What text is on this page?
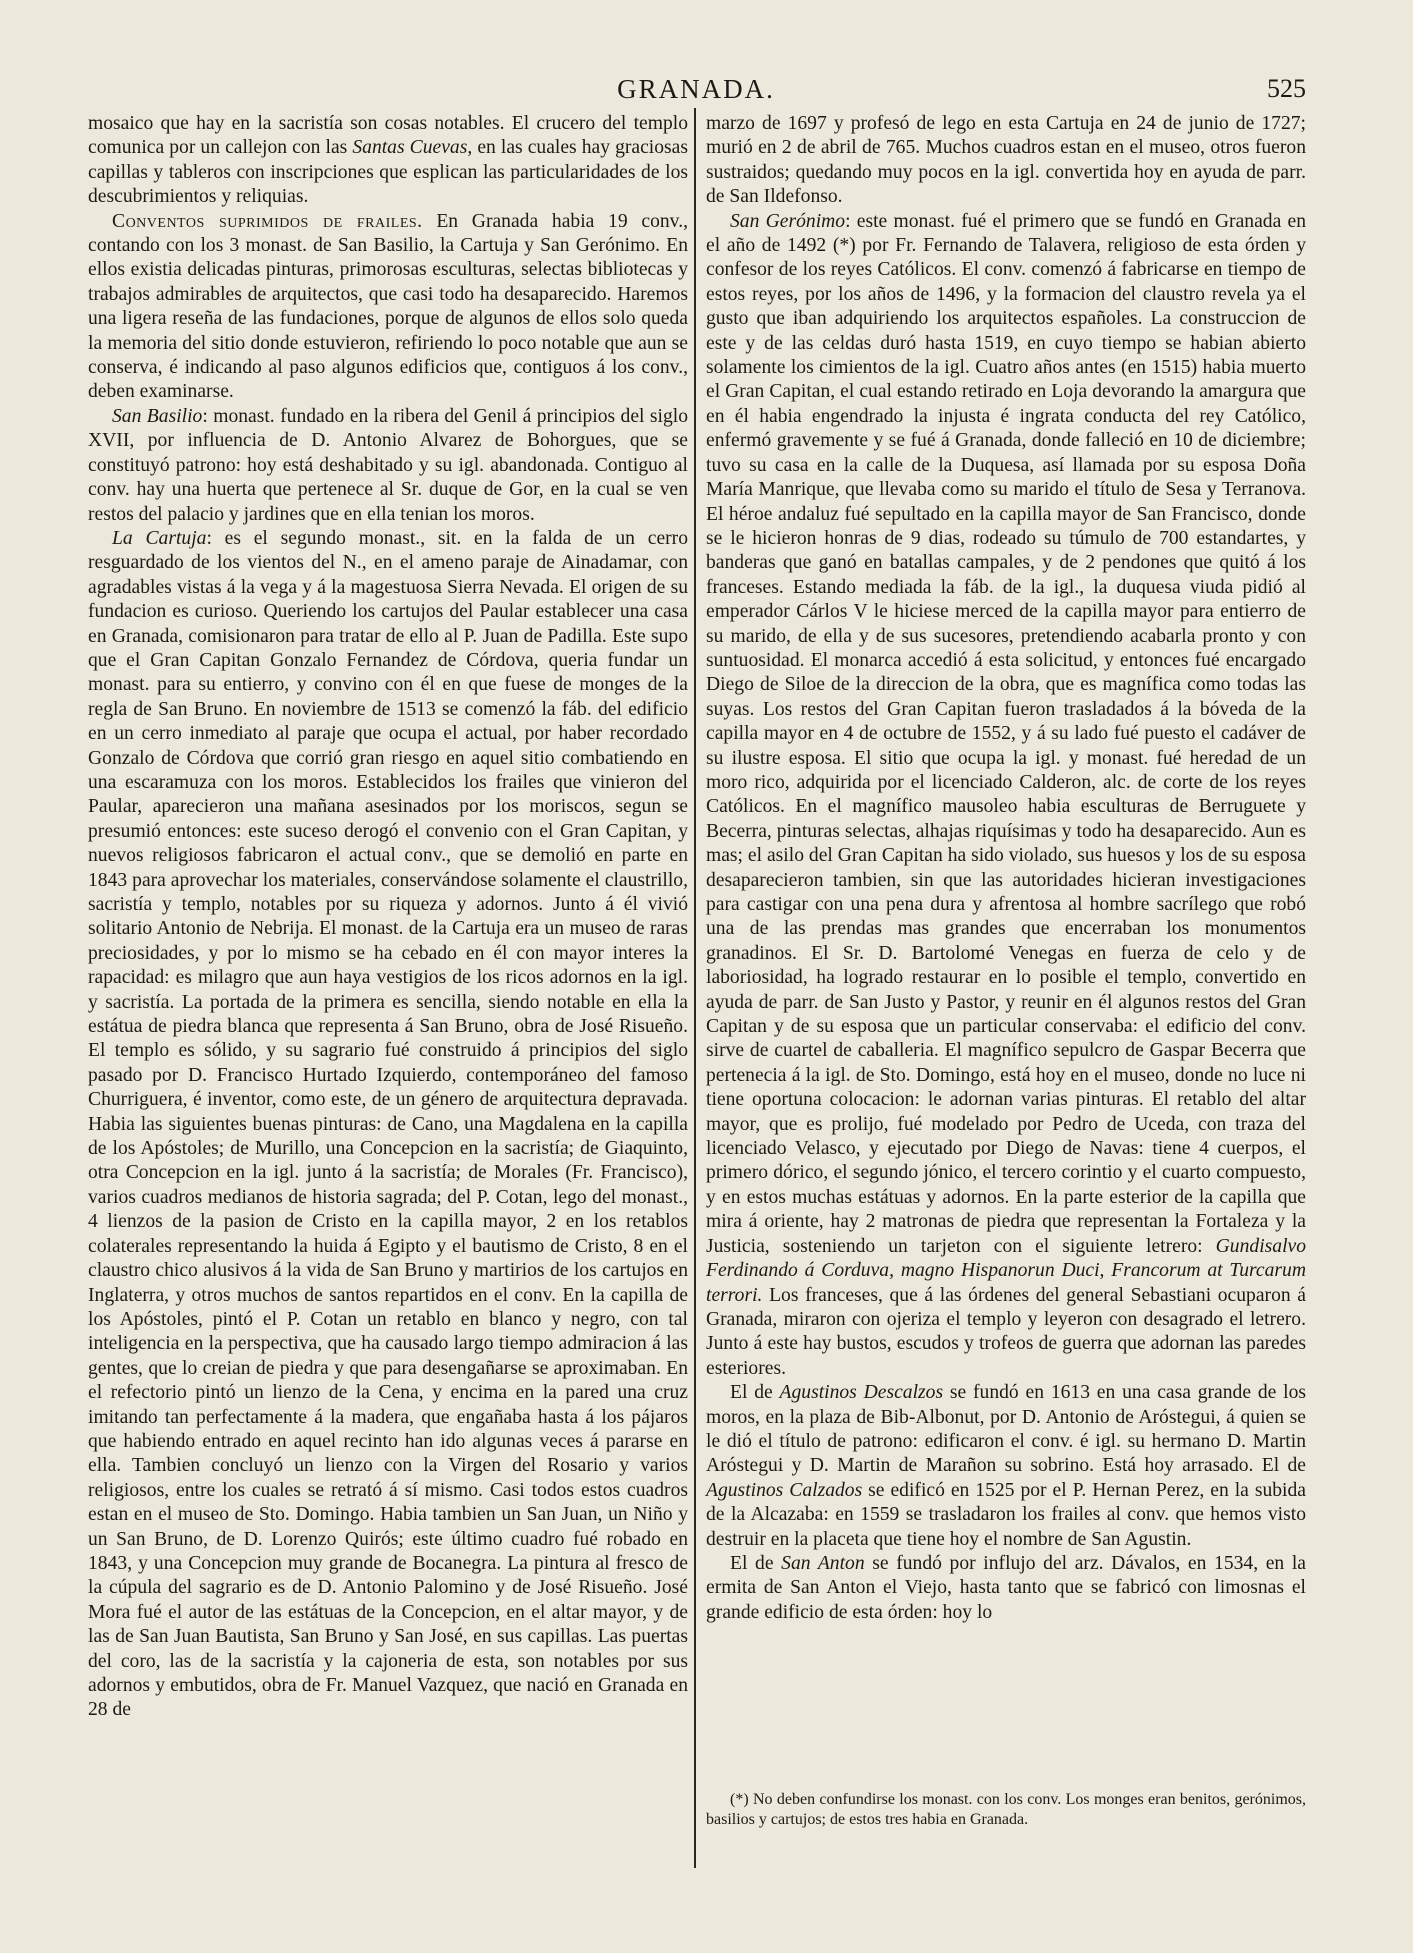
GRANADA.	525

mosaico que hay en la sacristía son cosas notables. El crucero del templo comunica por un callejon con las Santas Cuevas, en las cuales hay graciosas capillas y tableros con inscripciones que esplican las particularidades de los descubrimientos y reliquias.

Conventos suprimidos de frailes. En Granada habia 19 conv., contando con los 3 monast. de San Basilio, la Cartuja y San Gerónimo. En ellos existia delicadas pinturas, primorosas esculturas, selectas bibliotecas y trabajos admirables de arquitectos, que casi todo ha desaparecido. Haremos una ligera reseña de las fundaciones, porque de algunos de ellos solo queda la memoria del sitio donde estuvieron, refiriendo lo poco notable que aun se conserva, é indicando al paso algunos edificios que, contiguos á los conv., deben examinarse.

San Basilio: monast. fundado en la ribera del Genil á principios del siglo XVII, por influencia de D. Antonio Alvarez de Bohorgues, que se constituyó patrono: hoy está deshabitado y su igl. abandonada. Contiguo al conv. hay una huerta que pertenece al Sr. duque de Gor, en la cual se ven restos del palacio y jardines que en ella tenian los moros.

La Cartuja: es el segundo monast., sit. en la falda de un cerro resguardado de los vientos del N., en el ameno paraje de Ainadamar, con agradables vistas á la vega y á la magestuosa Sierra Nevada. El origen de su fundacion es curioso. Queriendo los cartujos del Paular establecer una casa en Granada, comisionaron para tratar de ello al P. Juan de Padilla. Este supo que el Gran Capitan Gonzalo Fernandez de Córdova, queria fundar un monast. para su entierro, y convino con él en que fuese de monges de la regla de San Bruno. En noviembre de 1513 se comenzó la fáb. del edificio en un cerro inmediato al paraje que ocupa el actual, por haber recordado Gonzalo de Córdova que corrió gran riesgo en aquel sitio combatiendo en una escaramuza con los moros. Establecidos los frailes que vinieron del Paular, aparecieron una mañana asesinados por los moriscos, segun se presumió entonces: este suceso derogó el convenio con el Gran Capitan, y nuevos religiosos fabricaron el actual conv., que se demolió en parte en 1843 para aprovechar los materiales, conservándose solamente el claustrillo, sacristía y templo, notables por su riqueza y adornos. Junto á él vivió solitario Antonio de Nebrija. El monast. de la Cartuja era un museo de raras preciosidades, y por lo mismo se ha cebado en él con mayor interes la rapacidad: es milagro que aun haya vestigios de los ricos adornos en la igl. y sacristía. La portada de la primera es sencilla, siendo notable en ella la estátua de piedra blanca que representa á San Bruno, obra de José Risueño. El templo es sólido, y su sagrario fué construido á principios del siglo pasado por D. Francisco Hurtado Izquierdo, contemporáneo del famoso Churriguera, é inventor, como este, de un género de arquitectura depravada. Habia las siguientes buenas pinturas: de Cano, una Magdalena en la capilla de los Apóstoles; de Murillo, una Concepcion en la sacristía; de Giaquinto, otra Concepcion en la igl. junto á la sacristía; de Morales (Fr. Francisco), varios cuadros medianos de historia sagrada; del P. Cotan, lego del monast., 4 lienzos de la pasion de Cristo en la capilla mayor, 2 en los retablos colaterales representando la huida á Egipto y el bautismo de Cristo, 8 en el claustro chico alusivos á la vida de San Bruno y martirios de los cartujos en Inglaterra, y otros muchos de santos repartidos en el conv. En la capilla de los Apóstoles, pintó el P. Cotan un retablo en blanco y negro, con tal inteligencia en la perspectiva, que ha causado largo tiempo admiracion á las gentes, que lo creian de piedra y que para desengañarse se aproximaban. En el refectorio pintó un lienzo de la Cena, y encima en la pared una cruz imitando tan perfectamente á la madera, que engañaba hasta á los pájaros que habiendo entrado en aquel recinto han ido algunas veces á pararse en ella. Tambien concluyó un lienzo con la Virgen del Rosario y varios religiosos, entre los cuales se retrató á sí mismo. Casi todos estos cuadros estan en el museo de Sto. Domingo. Habia tambien un San Juan, un Niño y un San Bruno, de D. Lorenzo Quirós; este último cuadro fué robado en 1843, y una Concepcion muy grande de Bocanegra. La pintura al fresco de la cúpula del sagrario es de D. Antonio Palomino y de José Risueño. José Mora fué el autor de las estátuas de la Concepcion, en el altar mayor, y de las de San Juan Bautista, San Bruno y San José, en sus capillas. Las puertas del coro, las de la sacristía y la cajoneria de esta, son notables por sus adornos y embutidos, obra de Fr. Manuel Vazquez, que nació en Granada en 28 de

marzo de 1697 y profesó de lego en esta Cartuja en 24 de junio de 1727; murió en 2 de abril de 765. Muchos cuadros estan en el museo, otros fueron sustraidos; quedando muy pocos en la igl. convertida hoy en ayuda de parr. de San Ildefonso.

San Gerónimo: este monast. fué el primero que se fundó en Granada en el año de 1492 (*) por Fr. Fernando de Talavera, religioso de esta órden y confesor de los reyes Católicos. El conv. comenzó á fabricarse en tiempo de estos reyes, por los años de 1496, y la formacion del claustro revela ya el gusto que iban adquiriendo los arquitectos españoles. La construccion de este y de las celdas duró hasta 1519, en cuyo tiempo se habian abierto solamente los cimientos de la igl. Cuatro años antes (en 1515) habia muerto el Gran Capitan, el cual estando retirado en Loja devorando la amargura que en él habia engendrado la injusta é ingrata conducta del rey Católico, enfermó gravemente y se fué á Granada, donde falleció en 10 de diciembre; tuvo su casa en la calle de la Duquesa, así llamada por su esposa Doña María Manrique, que llevaba como su marido el título de Sesa y Terranova. El héroe andaluz fué sepultado en la capilla mayor de San Francisco, donde se le hicieron honras de 9 dias, rodeado su túmulo de 700 estandartes, y banderas que ganó en batallas campales, y de 2 pendones que quitó á los franceses. Estando mediada la fáb. de la igl., la duquesa viuda pidió al emperador Cárlos V le hiciese merced de la capilla mayor para entierro de su marido, de ella y de sus sucesores, pretendiendo acabarla pronto y con suntuosidad. El monarca accedió á esta solicitud, y entonces fué encargado Diego de Siloe de la direccion de la obra, que es magnífica como todas las suyas. Los restos del Gran Capitan fueron trasladados á la bóveda de la capilla mayor en 4 de octubre de 1552, y á su lado fué puesto el cadáver de su ilustre esposa. El sitio que ocupa la igl. y monast. fué heredad de un moro rico, adquirida por el licenciado Calderon, alc. de corte de los reyes Católicos. En el magnífico mausoleo habia esculturas de Berruguete y Becerra, pinturas selectas, alhajas riquísimas y todo ha desaparecido. Aun es mas; el asilo del Gran Capitan ha sido violado, sus huesos y los de su esposa desaparecieron tambien, sin que las autoridades hicieran investigaciones para castigar con una pena dura y afrentosa al hombre sacrílego que robó una de las prendas mas grandes que encerraban los monumentos granadinos. El Sr. D. Bartolomé Venegas en fuerza de celo y de laboriosidad, ha logrado restaurar en lo posible el templo, convertido en ayuda de parr. de San Justo y Pastor, y reunir en él algunos restos del Gran Capitan y de su esposa que un particular conservaba: el edificio del conv. sirve de cuartel de caballeria. El magnífico sepulcro de Gaspar Becerra que pertenecia á la igl. de Sto. Domingo, está hoy en el museo, donde no luce ni tiene oportuna colocacion: le adornan varias pinturas. El retablo del altar mayor, que es prolijo, fué modelado por Pedro de Uceda, con traza del licenciado Velasco, y ejecutado por Diego de Navas: tiene 4 cuerpos, el primero dórico, el segundo jónico, el tercero corintio y el cuarto compuesto, y en estos muchas estátuas y adornos. En la parte esterior de la capilla que mira á oriente, hay 2 matronas de piedra que representan la Fortaleza y la Justicia, sosteniendo un tarjeton con el siguiente letrero: Gundisalvo Ferdinando á Corduva, magno Hispanorun Duci, Francorum at Turcarum terrori. Los franceses, que á las órdenes del general Sebastiani ocuparon á Granada, miraron con ojeriza el templo y leyeron con desagrado el letrero. Junto á este hay bustos, escudos y trofeos de guerra que adornan las paredes esteriores.

El de Agustinos Descalzos se fundó en 1613 en una casa grande de los moros, en la plaza de Bib-Albonut, por D. Antonio de Aróstegui, á quien se le dió el título de patrono: edificaron el conv. é igl. su hermano D. Martin Aróstegui y D. Martin de Marañon su sobrino. Está hoy arrasado. El de Agustinos Calzados se edificó en 1525 por el P. Hernan Perez, en la subida de la Alcazaba: en 1559 se trasladaron los frailes al conv. que hemos visto destruir en la placeta que tiene hoy el nombre de San Agustin.

El de San Anton se fundó por influjo del arz. Dávalos, en 1534, en la ermita de San Anton el Viejo, hasta tanto que se fabricó con limosnas el grande edificio de esta órden: hoy lo

(*) No deben confundirse los monast. con los conv. Los monges eran benitos, gerónimos, basilios y cartujos; de estos tres habia en Granada.
